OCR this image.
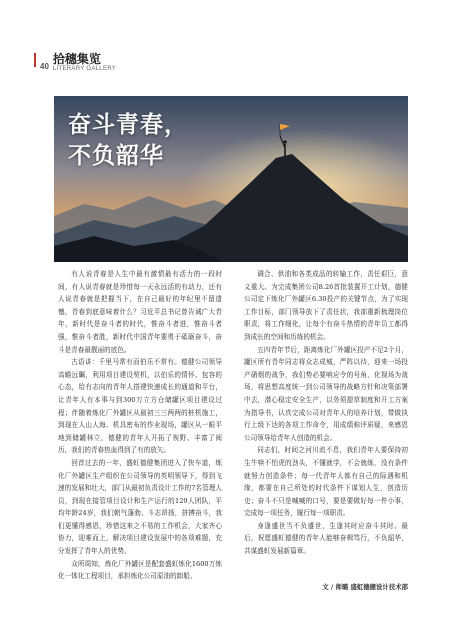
40
拾穗集览
LITERARY GALLERY
奋斗青春，
不负韶华

有人说青春是人生中最有激情最有活力的一段时间，有人说青春就是珍惜每一天永远活的有动力，还有人说青春就是把握当下，在自己最好的年纪里不留遗憾，青春到底意味着什么？习近平总书记曾告诫广大青年，新时代是奋斗者的时代，惟奋斗者进，惟奋斗者强，惟奋斗者胜，新时代中国青年要勇于砥砺奋斗，奋斗是青春最靓丽的底色。

古语讲：千里马常有而伯乐不常有。德健公司领导高瞻远瞩，利用项目建设契机，以伯乐的情怀、包容的心态，给有志向的青年人搭建快速成长的通道和平台，让青年人有本事与到300万立方仓储罐区项目建设过程；伴随着炼化厂外罐区从最初三三两两的桩机施工，到现在人山人海、机具密布的作业现场，罐区从一眼平地到储罐林立，德健的青年人开拓了视野、丰富了阅历，我们的青春热血得到了有的放矢。

回首过去的一年，盛虹德健集团进入了快车道，炼化厂外罐区生产组织在公司领导的英明领导下，得到飞速的发展和壮大，部门从最初负责设计工作的7名管理人员，到现在接管项目设计和生产运行的129人团队，平均年龄24岁，我们朝气蓬勃、斗志昂扬，拼搏奋斗，我们更懂得感恩，珍惜这来之不易的工作机会，大家齐心协力，迎难而上，解决项目建设发展中的各项难题，充分发挥了青年人的优势。

众所周知，炼化厂外罐区是配套盛虹炼化1600万炼化一体化工程项目，承担炼化公司原油的卸船、

调合、供油和各类成品的转输工作，责任艰巨，意义重大。为完成集团公司8.26首批装置开工计划，德健公司定下炼化厂外罐区6.30投产的关键节点，为了实现工作目标，部门领导放下了责任状，我部重新梳理岗位职责，将工作细化，让每个有奋斗热情的青年员工都得到成长的空间和历练的机会。

五四青年节后，距离炼化厂外罐区投产不足2个月，罐区所有青年同志将众志成城，严阵以待，迎来一场投产硝烟的战争，我们势必要响应令的号角，化视场为战场，将思想高度统一到公司领导的战略方针和决策部署中去，潜心稳定安全生产，以务须提草制度和开工方案为指导书，认真完成公司对青年人的培养计划，带做执行上级下达的各项工作命令，用成绩称评质疑，来感恩公司领导给青年人创造的机会。

同志们，时间之河川流不息，我们青年人要保持初生牛犊不怕虎的劲头，不懂就学，不会就练，没有条件就努力创造条件；每一代青年人都有自己的际遇和机缘，都要在自己所处的时代条件下谋划人生，创造历史；奋斗不只是喊喊的口号，要是要做好每一件小事，完成每一项任务，履行每一项职责。

身逢盛世当不负盛世，生逢其时应奋斗其时。最后，祝愿盛虹德健的青年人能够奋楫笃行，不负韶华，共谋盛虹发展新篇章。

文 / 师璐 盛虹德健设计技术部
